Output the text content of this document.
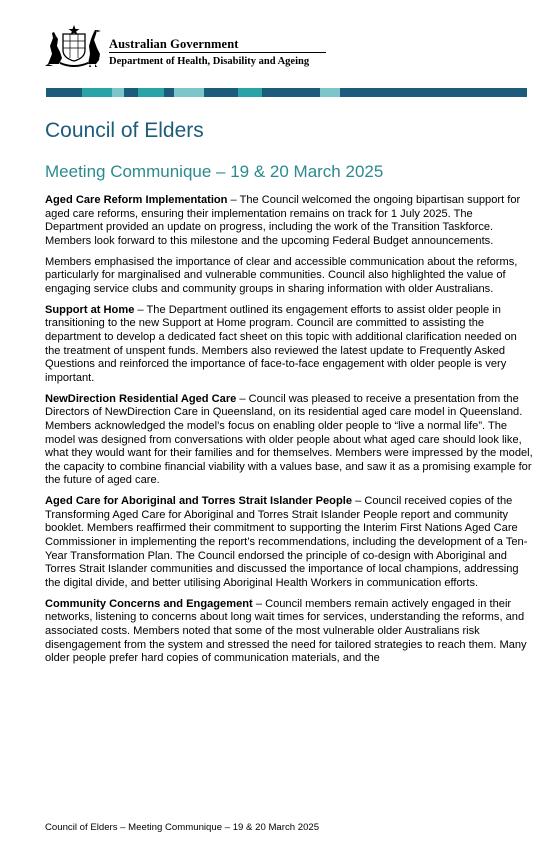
Australian Government
Department of Health, Disability and Ageing
Council of Elders
Meeting Communique – 19 & 20 March 2025

Aged Care Reform Implementation – The Council welcomed the ongoing bipartisan support for aged care reforms, ensuring their implementation remains on track for 1 July 2025. The Department provided an update on progress, including the work of the Transition Taskforce. Members look forward to this milestone and the upcoming Federal Budget announcements.

Members emphasised the importance of clear and accessible communication about the reforms, particularly for marginalised and vulnerable communities. Council also highlighted the value of engaging service clubs and community groups in sharing information with older Australians.

Support at Home – The Department outlined its engagement efforts to assist older people in transitioning to the new Support at Home program. Council are committed to assisting the department to develop a dedicated fact sheet on this topic with additional clarification needed on the treatment of unspent funds. Members also reviewed the latest update to Frequently Asked Questions and reinforced the importance of face-to-face engagement with older people is very important.

NewDirection Residential Aged Care – Council was pleased to receive a presentation from the Directors of NewDirection Care in Queensland, on its residential aged care model in Queensland. Members acknowledged the model’s focus on enabling older people to “live a normal life”. The model was designed from conversations with older people about what aged care should look like, what they would want for their families and for themselves. Members were impressed by the model, the capacity to combine financial viability with a values base, and saw it as a promising example for the future of aged care.

Aged Care for Aboriginal and Torres Strait Islander People – Council received copies of the Transforming Aged Care for Aboriginal and Torres Strait Islander People report and community booklet. Members reaffirmed their commitment to supporting the Interim First Nations Aged Care Commissioner in implementing the report’s recommendations, including the development of a Ten-Year Transformation Plan. The Council endorsed the principle of co-design with Aboriginal and Torres Strait Islander communities and discussed the importance of local champions, addressing the digital divide, and better utilising Aboriginal Health Workers in communication efforts.

Community Concerns and Engagement – Council members remain actively engaged in their networks, listening to concerns about long wait times for services, understanding the reforms, and associated costs. Members noted that some of the most vulnerable older Australians risk disengagement from the system and stressed the need for tailored strategies to reach them. Many older people prefer hard copies of communication materials, and the

Council of Elders – Meeting Communique – 19 & 20 March 2025
